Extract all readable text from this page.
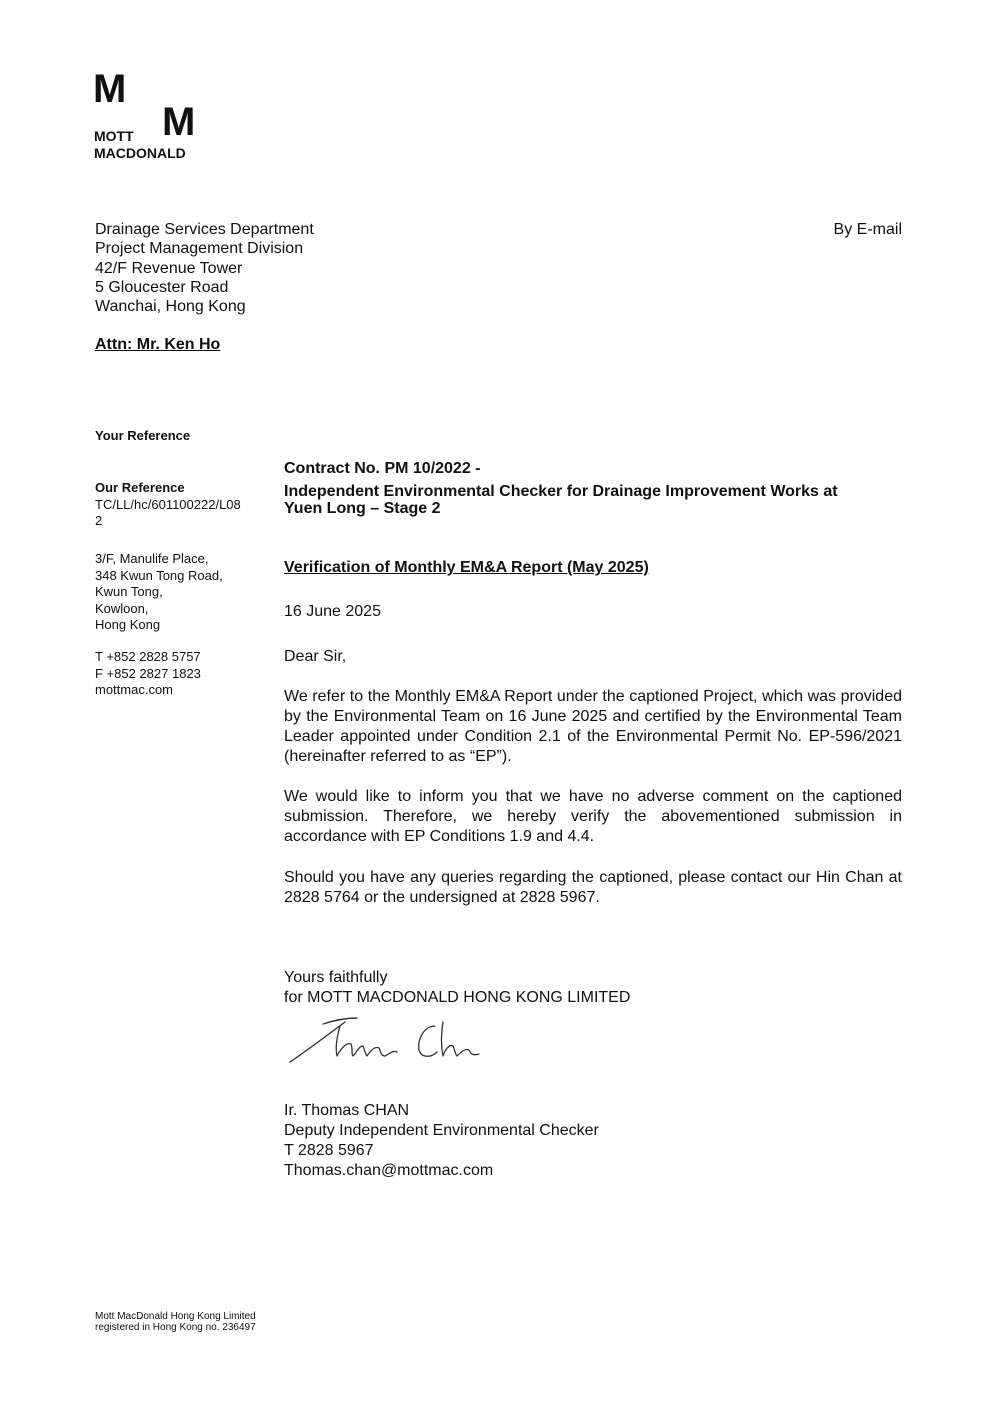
M
M
MOTT
MACDONALD
Drainage Services Department
Project Management Division
42/F Revenue Tower
5 Gloucester Road
Wanchai, Hong Kong
By E-mail
Attn: Mr. Ken Ho
Your Reference
Our Reference
TC/LL/hc/601100222/L08
2
3/F, Manulife Place,
348 Kwun Tong Road,
Kwun Tong,
Kowloon,
Hong Kong
T +852 2828 5757
F +852 2827 1823
mottmac.com
Contract No. PM 10/2022 -
Independent Environmental Checker for Drainage Improvement Works at
Yuen Long – Stage 2
Verification of Monthly EM&A Report (May 2025)
16 June 2025
Dear Sir,
We refer to the Monthly EM&A Report under the captioned Project, which was provided by the Environmental Team on 16 June 2025 and certified by the Environmental Team Leader appointed under Condition 2.1 of the Environmental Permit No. EP-596/2021 (hereinafter referred to as “EP”).
We would like to inform you that we have no adverse comment on the captioned submission. Therefore, we hereby verify the abovementioned submission in accordance with EP Conditions 1.9 and 4.4.
Should you have any queries regarding the captioned, please contact our Hin Chan at 2828 5764 or the undersigned at 2828 5967.
Yours faithfully
for MOTT MACDONALD HONG KONG LIMITED
Ir. Thomas CHAN
Deputy Independent Environmental Checker
T 2828 5967
Thomas.chan@mottmac.com
Mott MacDonald Hong Kong Limited
registered in Hong Kong no. 236497
